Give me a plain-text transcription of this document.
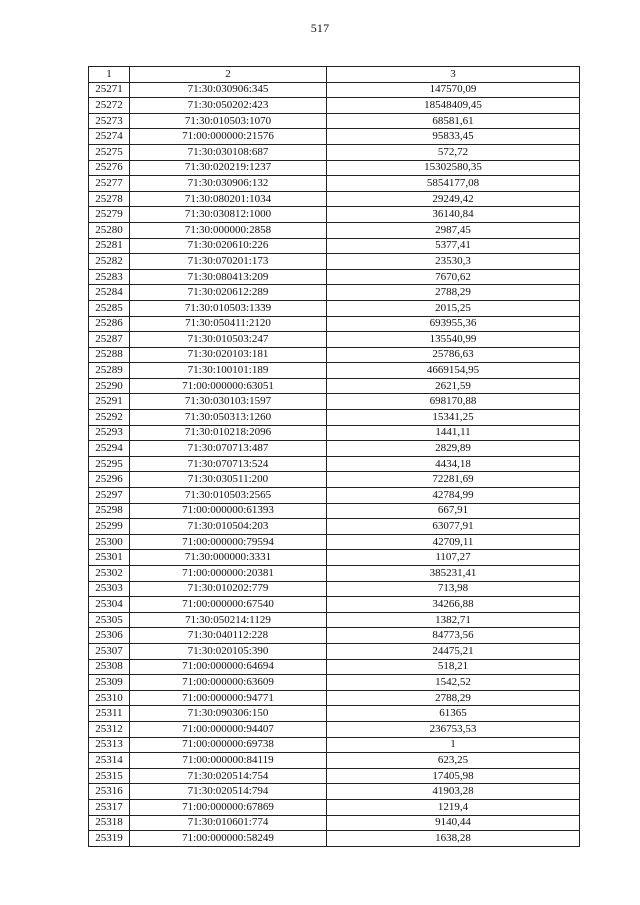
517
1	2	3
25271	71:30:030906:345	147570,09
25272	71:30:050202:423	18548409,45
25273	71:30:010503:1070	68581,61
25274	71:00:000000:21576	95833,45
25275	71:30:030108:687	572,72
25276	71:30:020219:1237	15302580,35
25277	71:30:030906:132	5854177,08
25278	71:30:080201:1034	29249,42
25279	71:30:030812:1000	36140,84
25280	71:30:000000:2858	2987,45
25281	71:30:020610:226	5377,41
25282	71:30:070201:173	23530,3
25283	71:30:080413:209	7670,62
25284	71:30:020612:289	2788,29
25285	71:30:010503:1339	2015,25
25286	71:30:050411:2120	693955,36
25287	71:30:010503:247	135540,99
25288	71:30:020103:181	25786,63
25289	71:30:100101:189	4669154,95
25290	71:00:000000:63051	2621,59
25291	71:30:030103:1597	698170,88
25292	71:30:050313:1260	15341,25
25293	71:30:010218:2096	1441,11
25294	71:30:070713:487	2829,89
25295	71:30:070713:524	4434,18
25296	71:30:030511:200	72281,69
25297	71:30:010503:2565	42784,99
25298	71:00:000000:61393	667,91
25299	71:30:010504:203	63077,91
25300	71:00:000000:79594	42709,11
25301	71:30:000000:3331	1107,27
25302	71:00:000000:20381	385231,41
25303	71:30:010202:779	713,98
25304	71:00:000000:67540	34266,88
25305	71:30:050214:1129	1382,71
25306	71:30:040112:228	84773,56
25307	71:30:020105:390	24475,21
25308	71:00:000000:64694	518,21
25309	71:00:000000:63609	1542,52
25310	71:00:000000:94771	2788,29
25311	71:30:090306:150	61365
25312	71:00:000000:94407	236753,53
25313	71:00:000000:69738	1
25314	71:00:000000:84119	623,25
25315	71:30:020514:754	17405,98
25316	71:30:020514:794	41903,28
25317	71:00:000000:67869	1219,4
25318	71:30:010601:774	9140,44
25319	71:00:000000:58249	1638,28
